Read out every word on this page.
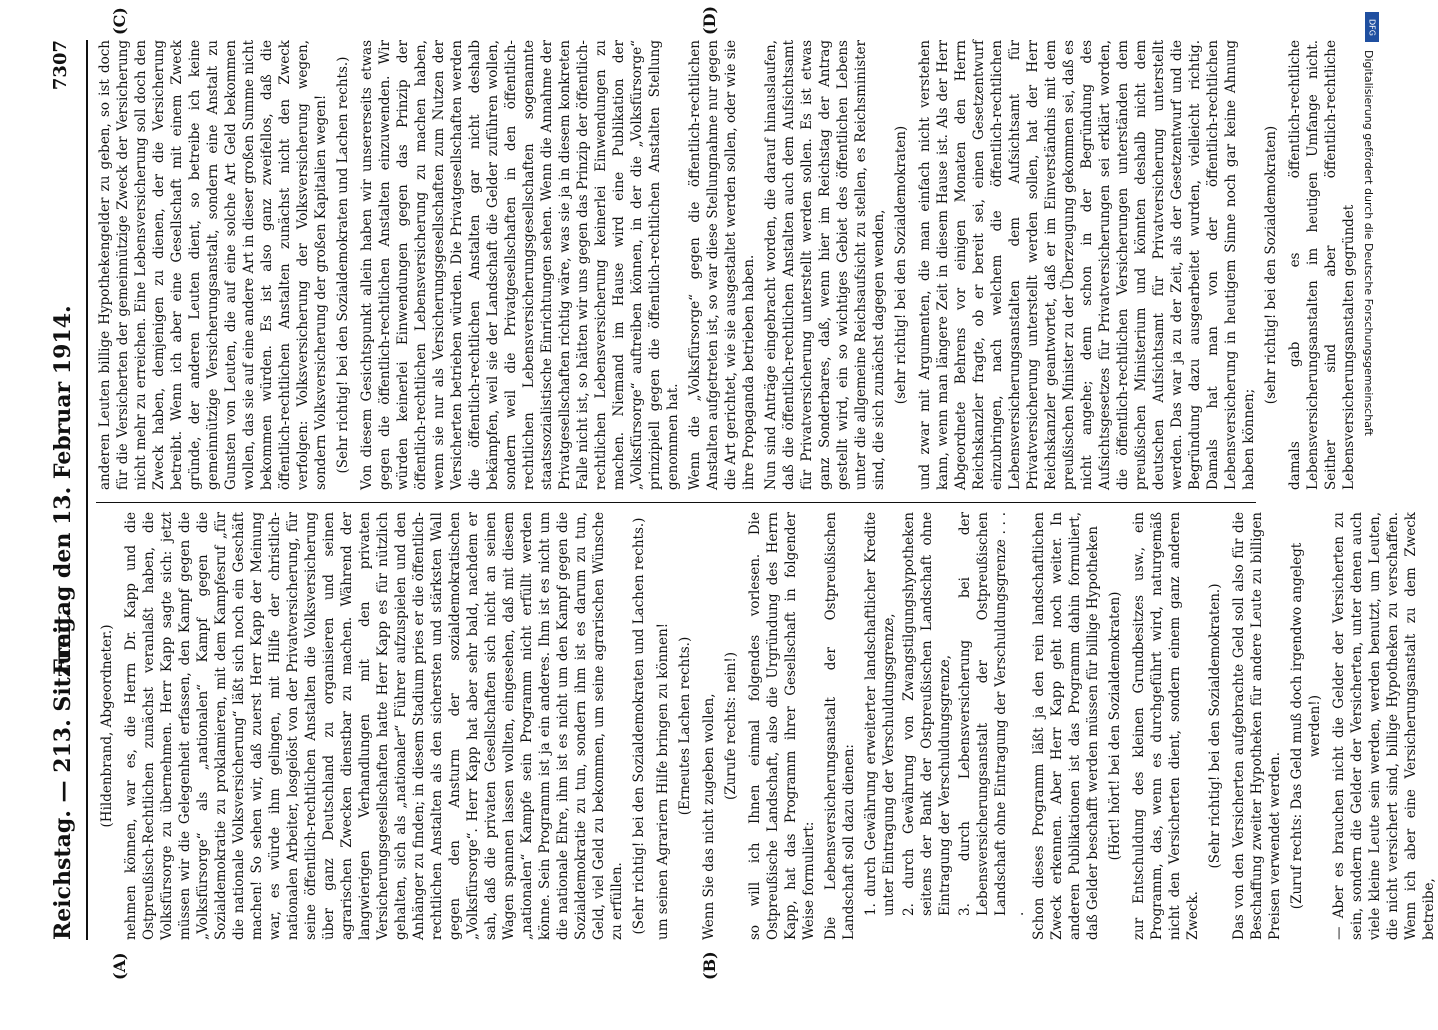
Reichstag. — 213. Sitzung.
Freitag den 13. Februar 1914.
7307
(A)	(B)
(C)	(D)

(Hildenbrand, Abgeordneter.) nehmen können, war es, die Herrn Dr. Kapp und die Ostpreußisch-Rechtlichen zunächst veranlaßt haben, die Volksfürsorge zu übernehmen. Herr Kapp sagte sich: jetzt müssen wir die Gelegenheit erfassen, den Kampf gegen die „Volksfürsorge“ als „nationalen“ Kampf gegen die Sozialdemokratie zu proklamieren, mit dem Kampfesruf „für die nationale Volksversicherung“ läßt sich noch ein Geschäft machen! So sehen wir, daß zuerst Herr Kapp der Meinung war, es würde ihm gelingen, mit Hilfe der christlich-nationalen Arbeiter, losgelöst von der Privatversicherung, für seine öffentlich-rechtlichen Anstalten die Volksversicherung über ganz Deutschland zu organisieren und seinen agrarischen Zwecken dienstbar zu machen. Während der langwierigen Verhandlungen mit den privaten Versicherungsgesellschaften hatte Herr Kapp es für nützlich gehalten, sich als „nationaler“ Führer aufzuspielen und den Anhänger zu finden; in diesem Stadium pries er die öffentlich-rechtlichen Anstalten als den sichersten und stärksten Wall gegen den Ansturm der sozialdemokratischen „Volksfürsorge“. Herr Kapp hat aber sehr bald, nachdem er sah, daß die privaten Gesellschaften sich nicht an seinen Wagen spannen lassen wollten, eingesehen, daß mit diesem „nationalen“ Kampfe sein Programm nicht erfüllt werden könne. Sein Programm ist ja ein anderes. Ihm ist es nicht um die nationale Ehre, ihm ist es nicht um den Kampf gegen die Sozialdemokratie zu tun, sondern ihm ist es darum zu tun, Geld, viel Geld zu bekommen, um seine agrarischen Wünsche zu erfüllen. (Sehr richtig! bei den Sozialdemokraten und Lachen rechts.) um seinen Agrariern Hilfe bringen zu können! (Erneutes Lachen rechts.) Wenn Sie das nicht zugeben wollen, (Zurufe rechts: nein!) so will ich Ihnen einmal folgendes vorlesen. Die Ostpreußische Landschaft, also die Urgründung des Herrn Kapp, hat das Programm ihrer Gesellschaft in folgender Weise formuliert: Die Lebensversicherungsanstalt der Ostpreußischen Landschaft soll dazu dienen: 1. durch Gewährung erweiterter landschaftlicher Kredite unter Eintragung der Verschuldungsgrenze, 2. durch Gewährung von Zwangstilgungshypotheken seitens der Bank der Ostpreußischen Landschaft ohne Eintragung der Verschuldungsgrenze, 3. durch Lebensversicherung bei der Lebensversicherungsanstalt der Ostpreußischen Landschaft ohne Eintragung der Verschuldungsgrenze . . . . Schon dieses Programm läßt ja den rein landschaftlichen Zweck erkennen. Aber Herr Kapp geht noch weiter. In anderen Publikationen ist das Programm dahin formuliert, daß Gelder beschafft werden müssen für billige Hypotheken (Hört! hört! bei den Sozialdemokraten) zur Entschuldung des kleinen Grundbesitzes usw., ein Programm, das, wenn es durchgeführt wird, naturgemäß nicht den Versicherten dient, sondern einem ganz anderen Zweck.

(Sehr richtig! bei den Sozialdemokraten.) Das von den Versicherten aufgebrachte Geld soll also für die Beschaffung zweiter Hypotheken für andere Leute zu billigen Preisen verwendet werden. (Zuruf rechts: Das Geld muß doch irgendwo angelegt werden!) — Aber es brauchen nicht die Gelder der Versicherten zu sein, sondern die Gelder der Versicherten, unter denen auch viele kleine Leute sein werden, werden benutzt, um Leuten, die nicht versichert sind, billige Hypotheken zu verschaffen. Wenn ich aber eine Versicherungsanstalt zu dem Zweck betreibe,

anderen Leuten billige Hypothekengelder zu geben, so ist doch für die Versicherten der gemeinnützige Zweck der Versicherung nicht mehr zu erreichen. Eine Lebensversicherung soll doch den Zweck haben, demjenigen zu dienen, der die Versicherung betreibt. Wenn ich aber eine Gesellschaft mit einem Zweck gründe, der anderen Leuten dient, so betreibe ich keine gemeinnützige Versicherungsanstalt, sondern eine Anstalt zu Gunsten von Leuten, die auf eine solche Art Geld bekommen wollen, das sie auf eine andere Art in dieser großen Summe nicht bekommen würden. Es ist also ganz zweifellos, daß die öffentlich-rechtlichen Anstalten zunächst nicht den Zweck verfolgen: Volksversicherung der Volksversicherung wegen, sondern Volksversicherung der großen Kapitalien wegen! (Sehr richtig! bei den Sozialdemokraten und Lachen rechts.) Von diesem Gesichtspunkt allein haben wir unsererseits etwas gegen die öffentlich-rechtlichen Anstalten einzuwenden. Wir würden keinerlei Einwendungen gegen das Prinzip der öffentlich-rechtlichen Lebensversicherung zu machen haben, wenn sie nur als Versicherungsgesellschaften zum Nutzen der Versicherten betrieben würden. Die Privatgesellschaften werden die öffentlich-rechtlichen Anstalten gar nicht deshalb bekämpfen, weil sie der Landschaft die Gelder zuführen wollen, sondern weil die Privatgesellschaften in den öffentlich-rechtlichen Lebensversicherungsgesellschaften sogenannte staatssozialistische Einrichtungen sehen. Wenn die Annahme der Privatgesellschaften richtig wäre, was sie ja in diesem konkreten Falle nicht ist, so hätten wir uns gegen das Prinzip der öffentlich-rechtlichen Lebensversicherung keinerlei Einwendungen zu machen. Niemand im Hause wird eine Publikation der „Volksfürsorge“ auftreiben können, in der die „Volksfürsorge“ prinzipiell gegen die öffentlich-rechtlichen Anstalten Stellung genommen hat. Wenn die „Volksfürsorge“ gegen die öffentlich-rechtlichen Anstalten aufgetreten ist, so war diese Stellungnahme nur gegen die Art gerichtet, wie sie ausgestaltet werden sollen, oder wie sie ihre Propaganda betrieben haben. Nun sind Anträge eingebracht worden, die darauf hinauslaufen, daß die öffentlich-rechtlichen Anstalten auch dem Aufsichtsamt für Privatversicherung unterstellt werden sollen. Es ist etwas ganz Sonderbares, daß, wenn hier im Reichstag der Antrag gestellt wird, ein so wichtiges Gebiet des öffentlichen Lebens unter die allgemeine Reichsaufsicht zu stellen, es Reichsminister sind, die sich zunächst dagegen wenden, (sehr richtig! bei den Sozialdemokraten) und zwar mit Argumenten, die man einfach nicht verstehen kann, wenn man längere Zeit in diesem Hause ist. Als der Herr Abgeordnete Behrens vor einigen Monaten den Herrn Reichskanzler fragte, ob er bereit sei, einen Gesetzentwurf einzubringen, nach welchem die öffentlich-rechtlichen Lebensversicherungsanstalten dem Aufsichtsamt für Privatversicherung unterstellt werden sollen, hat der Herr Reichskanzler geantwortet, daß er im Einverständnis mit dem preußischen Minister zu der Überzeugung gekommen sei, daß es nicht angehe; denn schon in der Begründung des Aufsichtsgesetzes für Privatversicherungen sei erklärt worden, die öffentlich-rechtlichen Versicherungen unterständen dem preußischen Ministerium und könnten deshalb nicht dem deutschen Aufsichtsamt für Privatversicherung unterstellt werden. Das war ja zu der Zeit, als der Gesetzentwurf und die Begründung dazu ausgearbeitet wurden, vielleicht richtig. Damals hat man von der öffentlich-rechtlichen Lebensversicherung in heutigem Sinne noch gar keine Ahnung haben können;

(sehr richtig! bei den Sozialdemokraten) damals gab es öffentlich-rechtliche Lebensversicherungsanstalten im heutigen Umfange nicht. Seither sind aber öffentlich-rechtliche Lebensversicherungsanstalten gegründet

DFG
Digitalisierung gefördert durch die Deutsche Forschungsgemeinschaft
